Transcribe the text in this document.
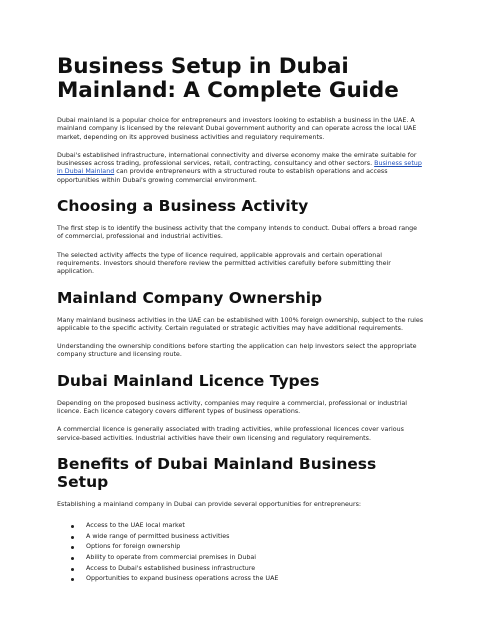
Business Setup in Dubai Mainland: A Complete Guide

Dubai mainland is a popular choice for entrepreneurs and investors looking to establish a business in the UAE. A mainland company is licensed by the relevant Dubai government authority and can operate across the local UAE market, depending on its approved business activities and regulatory requirements.

Dubai's established infrastructure, international connectivity and diverse economy make the emirate suitable for businesses across trading, professional services, retail, contracting, consultancy and other sectors. Business setup in Dubai Mainland can provide entrepreneurs with a structured route to establish operations and access opportunities within Dubai's growing commercial environment.

Choosing a Business Activity

The first step is to identify the business activity that the company intends to conduct. Dubai offers a broad range of commercial, professional and industrial activities.

The selected activity affects the type of licence required, applicable approvals and certain operational requirements. Investors should therefore review the permitted activities carefully before submitting their application.

Mainland Company Ownership

Many mainland business activities in the UAE can be established with 100% foreign ownership, subject to the rules applicable to the specific activity. Certain regulated or strategic activities may have additional requirements.

Understanding the ownership conditions before starting the application can help investors select the appropriate company structure and licensing route.

Dubai Mainland Licence Types

Depending on the proposed business activity, companies may require a commercial, professional or industrial licence. Each licence category covers different types of business operations.

A commercial licence is generally associated with trading activities, while professional licences cover various service-based activities. Industrial activities have their own licensing and regulatory requirements.

Benefits of Dubai Mainland Business Setup

Establishing a mainland company in Dubai can provide several opportunities for entrepreneurs:

Access to the UAE local market
A wide range of permitted business activities
Options for foreign ownership
Ability to operate from commercial premises in Dubai
Access to Dubai's established business infrastructure
Opportunities to expand business operations across the UAE
